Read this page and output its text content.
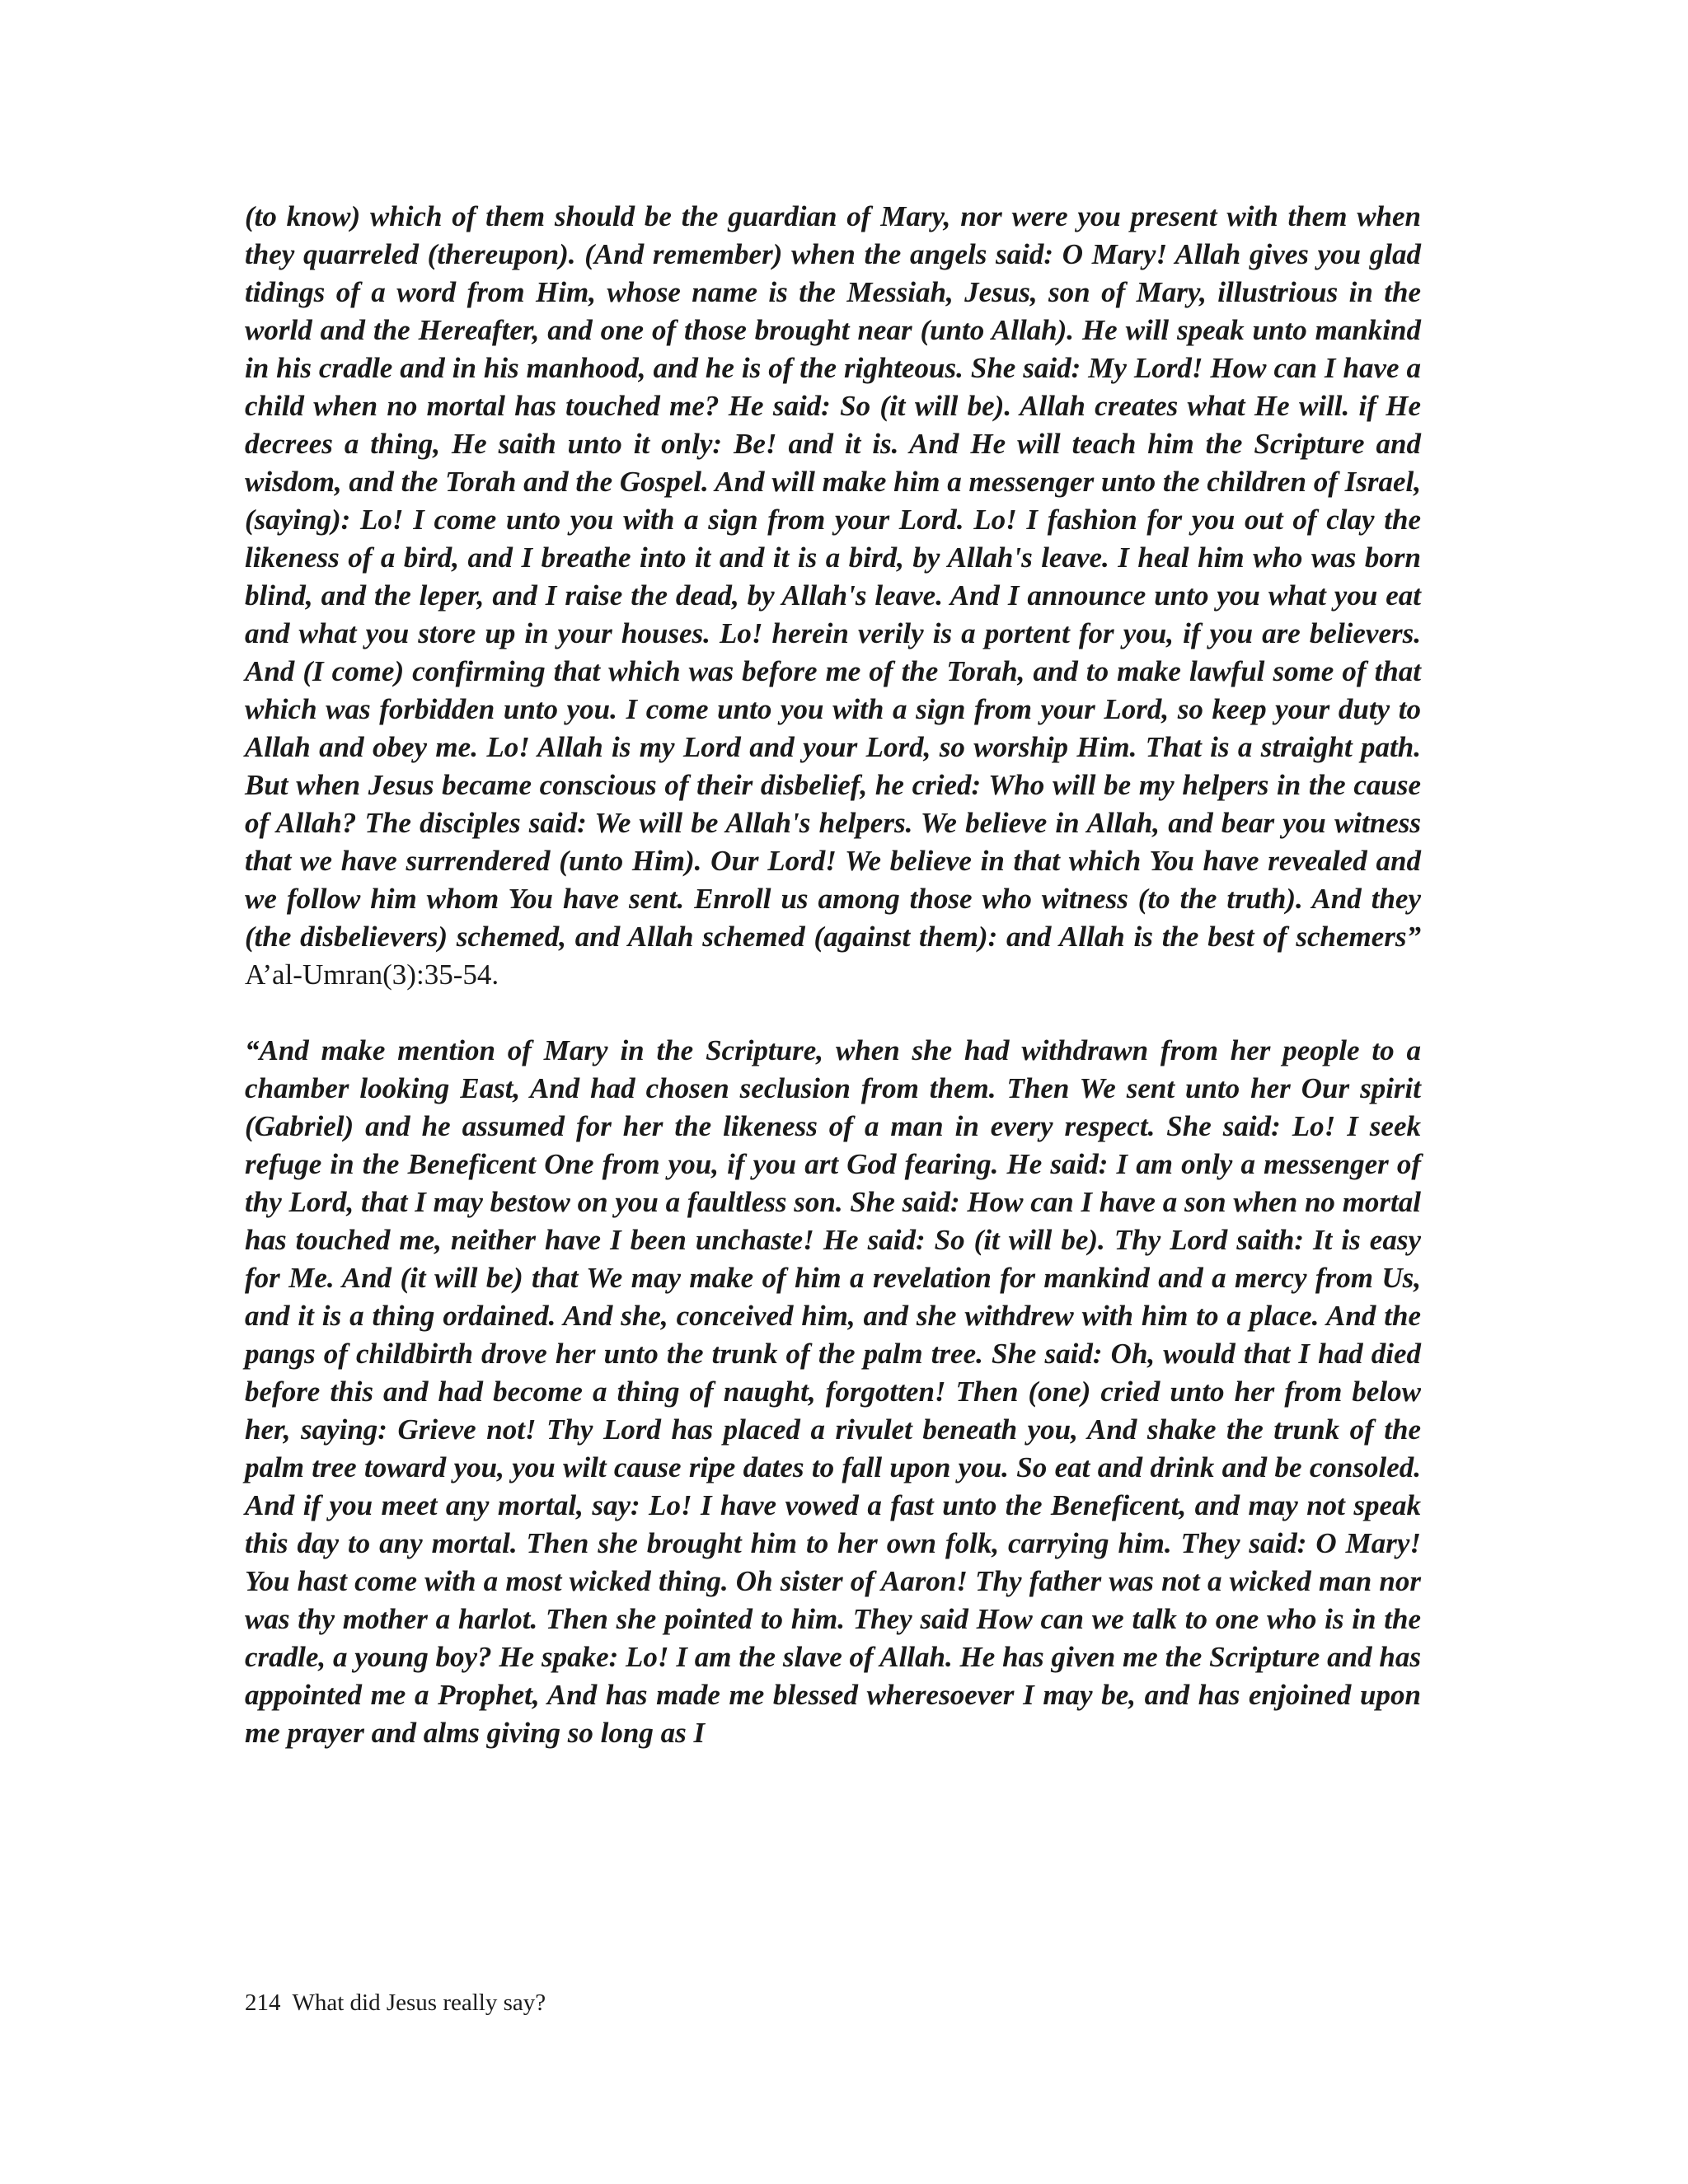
(to know) which of them should be the guardian of Mary, nor were you present with them when they quarreled (thereupon). (And remember) when the angels said: O Mary! Allah gives you glad tidings of a word from Him, whose name is the Messiah, Jesus, son of Mary, illustrious in the world and the Hereafter, and one of those brought near (unto Allah). He will speak unto mankind in his cradle and in his manhood, and he is of the righteous. She said: My Lord! How can I have a child when no mortal has touched me? He said: So (it will be). Allah creates what He will. if He decrees a thing, He saith unto it only: Be! and it is. And He will teach him the Scripture and wisdom, and the Torah and the Gospel. And will make him a messenger unto the children of Israel, (saying): Lo! I come unto you with a sign from your Lord. Lo! I fashion for you out of clay the likeness of a bird, and I breathe into it and it is a bird, by Allah's leave. I heal him who was born blind, and the leper, and I raise the dead, by Allah's leave. And I announce unto you what you eat and what you store up in your houses. Lo! herein verily is a portent for you, if you are believers. And (I come) confirming that which was before me of the Torah, and to make lawful some of that which was forbidden unto you. I come unto you with a sign from your Lord, so keep your duty to Allah and obey me. Lo! Allah is my Lord and your Lord, so worship Him. That is a straight path. But when Jesus became conscious of their disbelief, he cried: Who will be my helpers in the cause of Allah? The disciples said: We will be Allah's helpers. We believe in Allah, and bear you witness that we have surrendered (unto Him). Our Lord! We believe in that which You have revealed and we follow him whom You have sent. Enroll us among those who witness (to the truth). And they (the disbelievers) schemed, and Allah schemed (against them): and Allah is the best of schemers” A’al-Umran(3):35-54.

“And make mention of Mary in the Scripture, when she had withdrawn from her people to a chamber looking East, And had chosen seclusion from them. Then We sent unto her Our spirit (Gabriel) and he assumed for her the likeness of a man in every respect. She said: Lo! I seek refuge in the Beneficent One from you, if you art God fearing. He said: I am only a messenger of thy Lord, that I may bestow on you a faultless son. She said: How can I have a son when no mortal has touched me, neither have I been unchaste! He said: So (it will be). Thy Lord saith: It is easy for Me. And (it will be) that We may make of him a revelation for mankind and a mercy from Us, and it is a thing ordained. And she, conceived him, and she withdrew with him to a place. And the pangs of childbirth drove her unto the trunk of the palm tree. She said: Oh, would that I had died before this and had become a thing of naught, forgotten! Then (one) cried unto her from below her, saying: Grieve not! Thy Lord has placed a rivulet beneath you, And shake the trunk of the palm tree toward you, you wilt cause ripe dates to fall upon you. So eat and drink and be consoled. And if you meet any mortal, say: Lo! I have vowed a fast unto the Beneficent, and may not speak this day to any mortal. Then she brought him to her own folk, carrying him. They said: O Mary! You hast come with a most wicked thing. Oh sister of Aaron! Thy father was not a wicked man nor was thy mother a harlot. Then she pointed to him. They said How can we talk to one who is in the cradle, a young boy? He spake: Lo! I am the slave of Allah. He has given me the Scripture and has appointed me a Prophet, And has made me blessed wheresoever I may be, and has enjoined upon me prayer and alms giving so long as I

214 What did Jesus really say?
